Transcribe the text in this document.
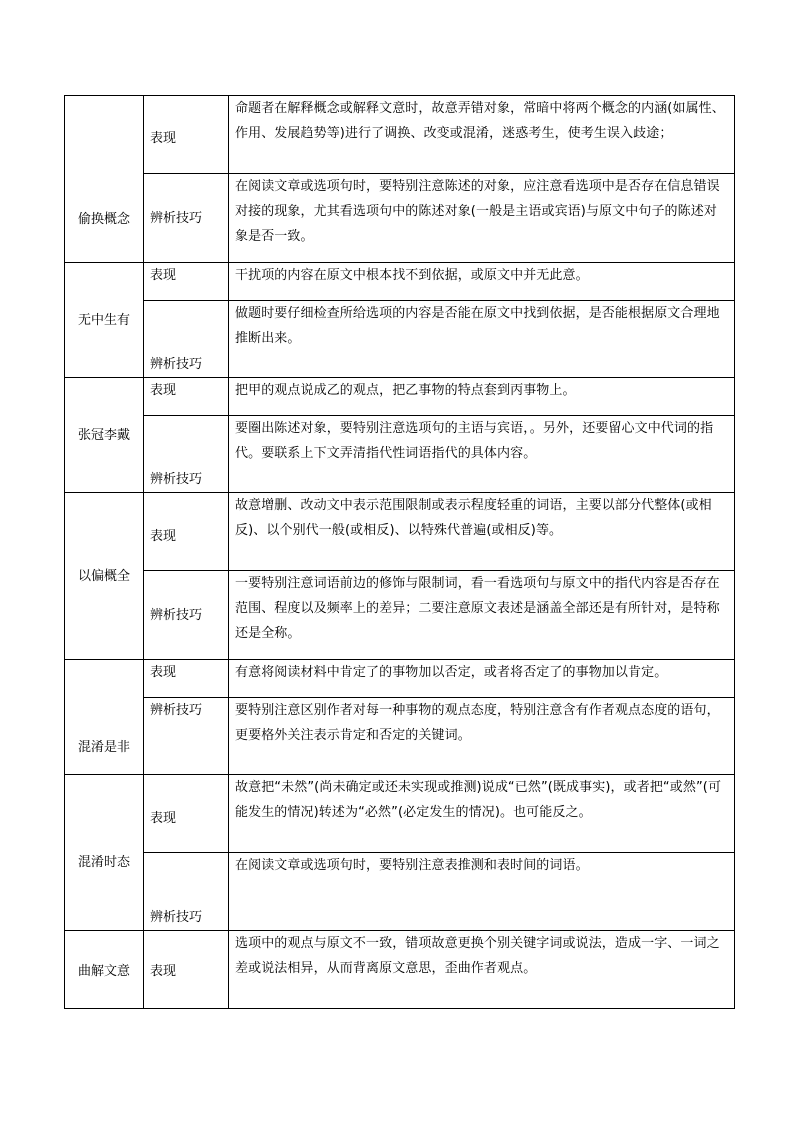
偷换概念	表现	命题者在解释概念或解释文意时，故意弄错对象，常暗中将两个概念的内涵(如属性、作用、发展趋势等)进行了调换、改变或混淆，迷惑考生，使考生误入歧途；
	辨析技巧	在阅读文章或选项句时，要特别注意陈述的对象，应注意看选项中是否存在信息错误对接的现象，尤其看选项句中的陈述对象(一般是主语或宾语)与原文中句子的陈述对象是否一致。
无中生有	表现	干扰项的内容在原文中根本找不到依据，或原文中并无此意。
	辨析技巧	做题时要仔细检查所给选项的内容是否能在原文中找到依据，是否能根据原文合理地推断出来。
张冠李戴	表现	把甲的观点说成乙的观点，把乙事物的特点套到丙事物上。
	辨析技巧	要圈出陈述对象，要特别注意选项句的主语与宾语，。另外，还要留心文中代词的指代。要联系上下文弄清指代性词语指代的具体内容。
以偏概全	表现	故意增删、改动文中表示范围限制或表示程度轻重的词语，主要以部分代整体(或相反)、以个别代一般(或相反)、以特殊代普遍(或相反)等。
	辨析技巧	一要特别注意词语前边的修饰与限制词，看一看选项句与原文中的指代内容是否存在范围、程度以及频率上的差异；二要注意原文表述是涵盖全部还是有所针对，是特称还是全称。
混淆是非	表现	有意将阅读材料中肯定了的事物加以否定，或者将否定了的事物加以肯定。
	辨析技巧	要特别注意区别作者对每一种事物的观点态度，特别注意含有作者观点态度的语句，更要格外关注表示肯定和否定的关键词。
混淆时态	表现	故意把“未然”(尚未确定或还未实现或推测)说成“已然”(既成事实)，或者把“或然”(可能发生的情况)转述为“必然”(必定发生的情况)。也可能反之。
	辨析技巧	在阅读文章或选项句时，要特别注意表推测和表时间的词语。
曲解文意	表现	选项中的观点与原文不一致，错项故意更换个别关键字词或说法，造成一字、一词之差或说法相异，从而背离原文意思，歪曲作者观点。
